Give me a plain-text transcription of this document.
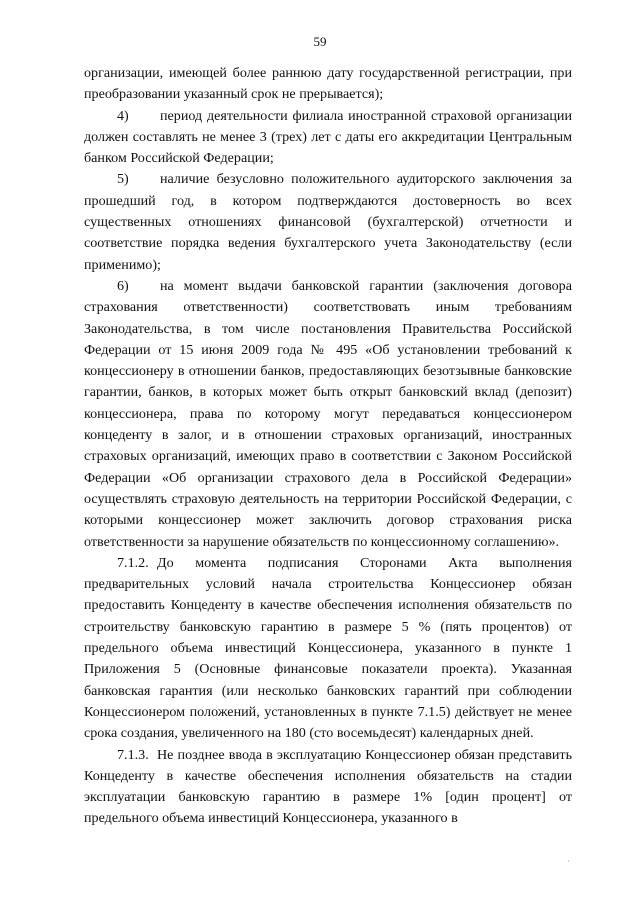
59

организации, имеющей более раннюю дату государственной регистрации, при преобразовании указанный срок не прерывается);

4) период деятельности филиала иностранной страховой организации должен составлять не менее 3 (трех) лет с даты его аккредитации Центральным банком Российской Федерации;

5) наличие безусловно положительного аудиторского заключения за прошедший год, в котором подтверждаются достоверность во всех существенных отношениях финансовой (бухгалтерской) отчетности и соответствие порядка ведения бухгалтерского учета Законодательству (если применимо);

6) на момент выдачи банковской гарантии (заключения договора страхования ответственности) соответствовать иным требованиям Законодательства, в том числе постановления Правительства Российской Федерации от 15 июня 2009 года № 495 «Об установлении требований к концессионеру в отношении банков, предоставляющих безотзывные банковские гарантии, банков, в которых может быть открыт банковский вклад (депозит) концессионера, права по которому могут передаваться концессионером концеденту в залог, и в отношении страховых организаций, иностранных страховых организаций, имеющих право в соответствии с Законом Российской Федерации «Об организации страхового дела в Российской Федерации» осуществлять страховую деятельность на территории Российской Федерации, с которыми концессионер может заключить договор страхования риска ответственности за нарушение обязательств по концессионному соглашению».

7.1.2. До момента подписания Сторонами Акта выполнения предварительных условий начала строительства Концессионер обязан предоставить Концеденту в качестве обеспечения исполнения обязательств по строительству банковскую гарантию в размере 5 % (пять процентов) от предельного объема инвестиций Концессионера, указанного в пункте 1 Приложения 5 (Основные финансовые показатели проекта). Указанная банковская гарантия (или несколько банковских гарантий при соблюдении Концессионером положений, установленных в пункте 7.1.5) действует не менее срока создания, увеличенного на 180 (сто восемьдесят) календарных дней.

7.1.3. Не позднее ввода в эксплуатацию Концессионер обязан представить Концеденту в качестве обеспечения исполнения обязательств на стадии эксплуатации банковскую гарантию в размере 1% [один процент] от предельного объема инвестиций Концессионера, указанного в

·
